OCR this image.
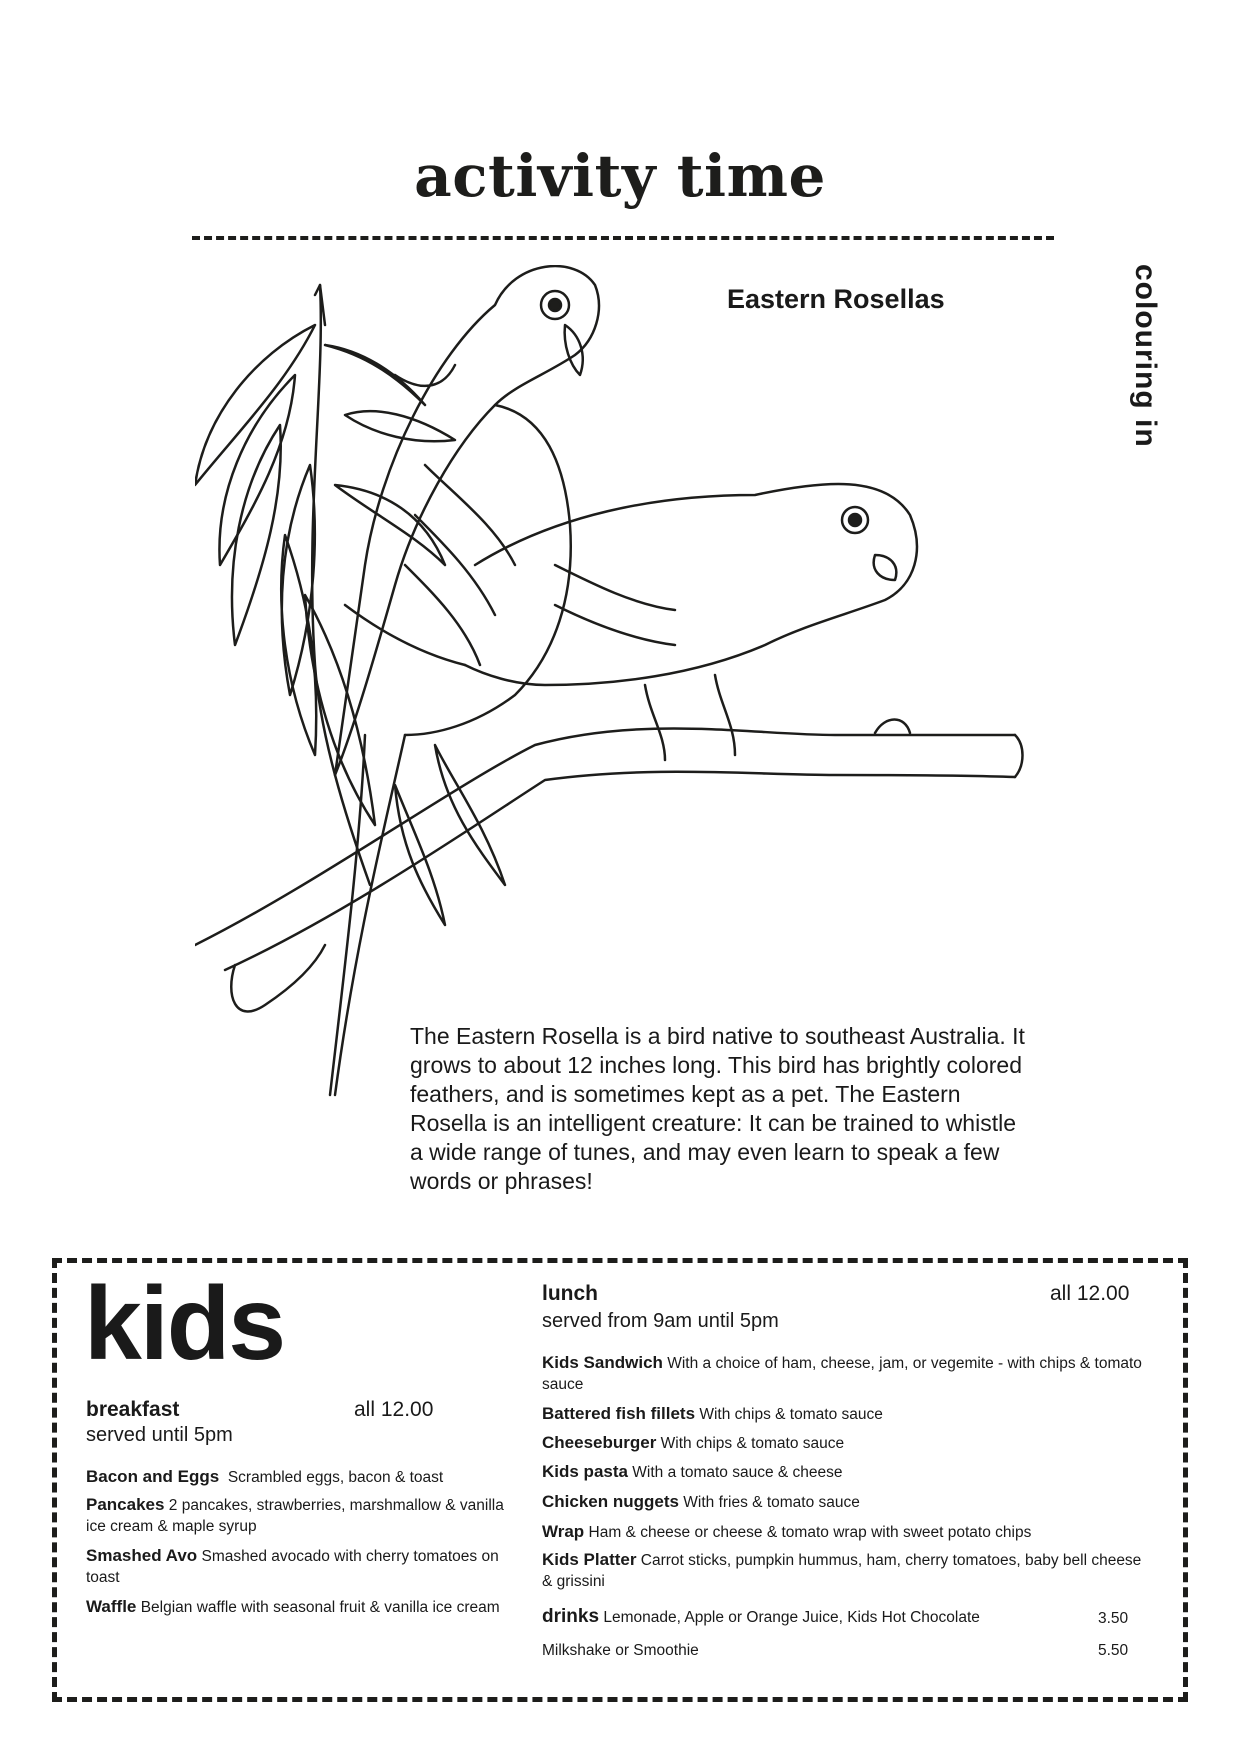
activity time
Eastern Rosellas	colouring in
The Eastern Rosella is a bird native to southeast Australia. It grows to about 12 inches long. This bird has brightly colored feathers, and is sometimes kept as a pet. The Eastern Rosella is an intelligent creature: It can be trained to whistle a wide range of tunes, and may even learn to speak a few words or phrases!
kids
breakfast	all 12.00
served until 5pm
Bacon and Eggs Scrambled eggs, bacon & toast
Pancakes 2 pancakes, strawberries, marshmallow & vanilla ice cream & maple syrup
Smashed Avo Smashed avocado with cherry tomatoes on toast
Waffle Belgian waffle with seasonal fruit & vanilla ice cream
lunch	all 12.00
served from 9am until 5pm
Kids Sandwich With a choice of ham, cheese, jam, or vegemite - with chips & tomato sauce
Battered fish fillets With chips & tomato sauce
Cheeseburger With chips & tomato sauce
Kids pasta With a tomato sauce & cheese
Chicken nuggets With fries & tomato sauce
Wrap Ham & cheese or cheese & tomato wrap with sweet potato chips
Kids Platter Carrot sticks, pumpkin hummus, ham, cherry tomatoes, baby bell cheese & grissini
drinks Lemonade, Apple or Orange Juice, Kids Hot Chocolate	3.50
Milkshake or Smoothie	5.50
